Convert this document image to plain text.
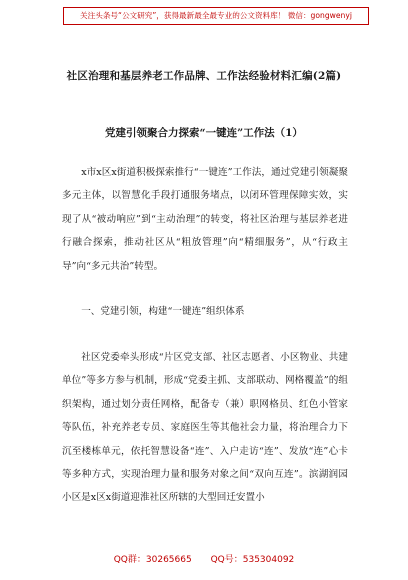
关注头条号“公文研究”，获得最新最全最专业的公文资料库！ 微信：gongwenyj
社区治理和基层养老工作品牌、工作法经验材料汇编(2篇)
党建引领聚合力探索“一键连”工作法（1）
x市x区x街道积极探索推行“一键连”工作法，通过党建引领凝聚多元主体，以智慧化手段打通服务堵点，以闭环管理保障实效，实现了从“被动响应”到“主动治理”的转变，将社区治理与基层养老进行融合探索，推动社区从“粗放管理”向“精细服务”，从“行政主导”向“多元共治”转型。
一、党建引领，构建“一键连”组织体系
社区党委牵头形成“片区党支部、社区志愿者、小区物业、共建单位”等多方参与机制，形成“党委主抓、支部联动、网格覆盖”的组织架构，通过划分责任网格，配备专（兼）职网格员、红色小管家等队伍，补充养老专员、家庭医生等其他社会力量，将治理合力下沉至楼栋单元，依托智慧设备“连”、入户走访“连”、发放“连”心卡等多种方式，实现治理力量和服务对象之间“双向互连”。滨湖润园小区是x区x街道迎淮社区所辖的大型回迁安置小
QQ群：30265665 QQ号：535304092
